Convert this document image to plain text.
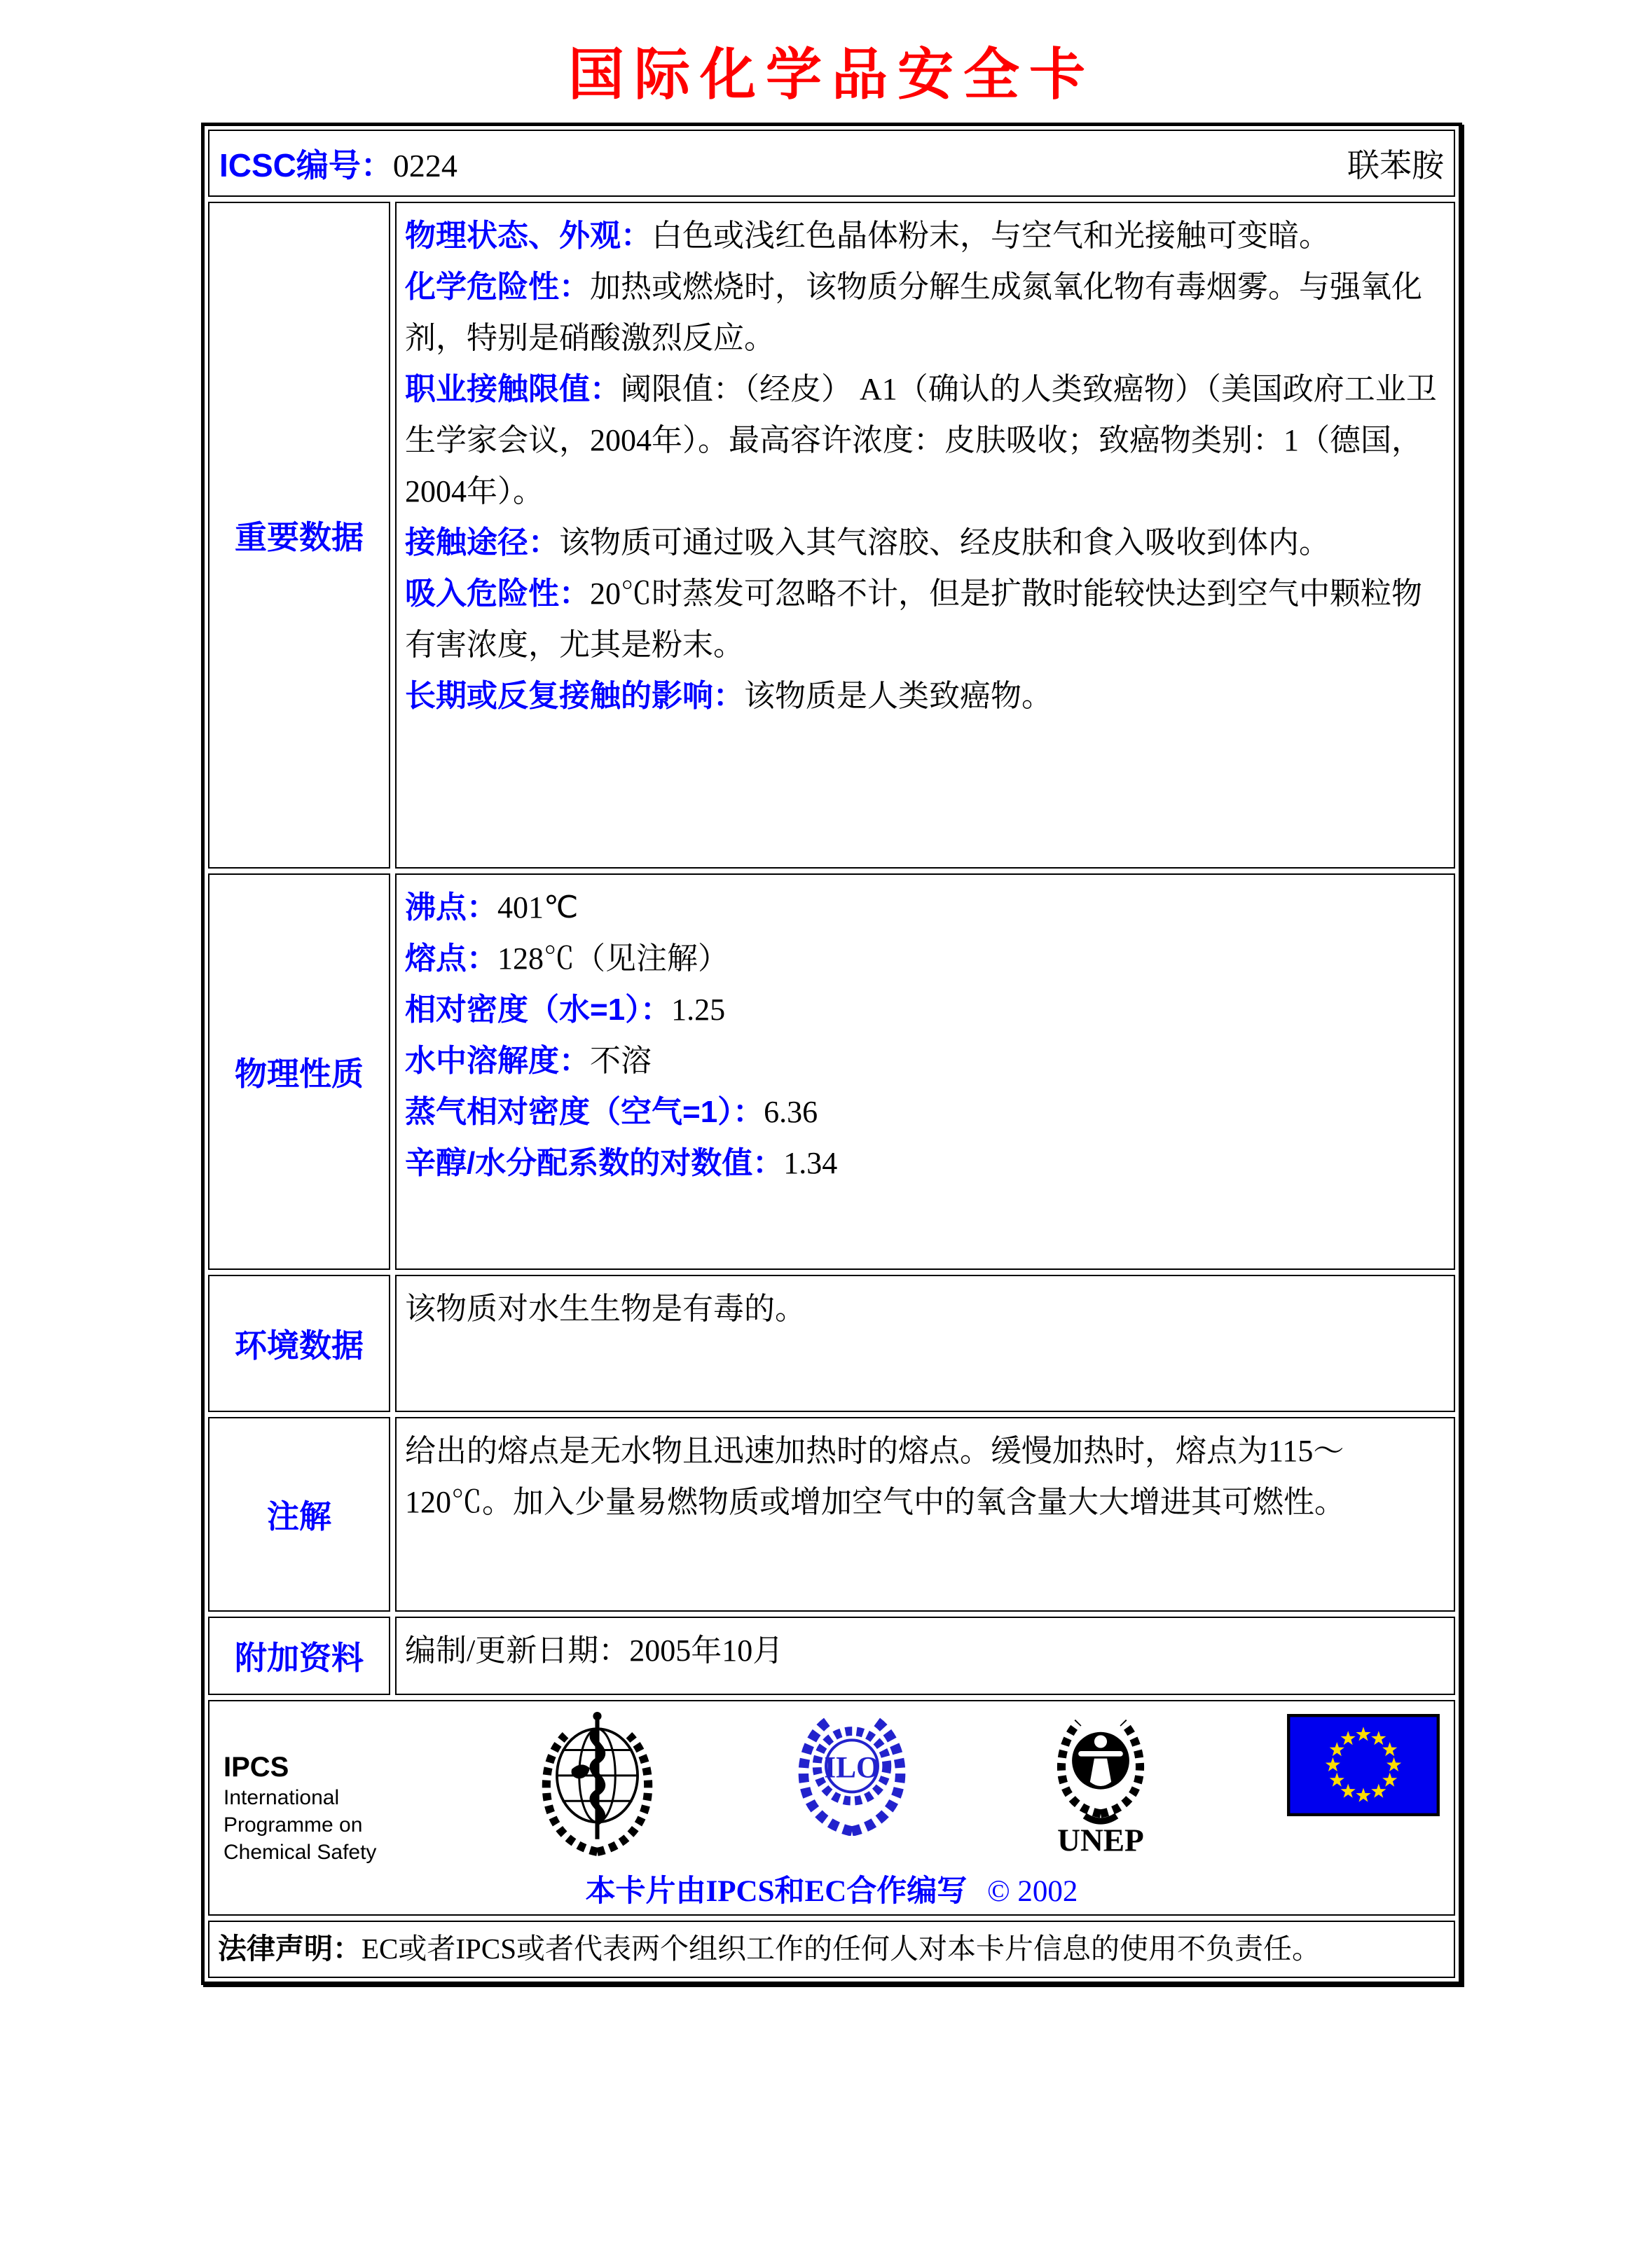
国际化学品安全卡
ICSC编号：0224	联苯胺
重要数据
物理状态、外观：白色或浅红色晶体粉末，与空气和光接触可变暗。
化学危险性：加热或燃烧时，该物质分解生成氮氧化物有毒烟雾。与强氧化剂，特别是硝酸激烈反应。
职业接触限值：阈限值：（经皮） A1（确认的人类致癌物）（美国政府工业卫生学家会议，2004年）。最高容许浓度：皮肤吸收；致癌物类别：1（德国，2004年）。
接触途径：该物质可通过吸入其气溶胶、经皮肤和食入吸收到体内。
吸入危险性：20℃时蒸发可忽略不计，但是扩散时能较快达到空气中颗粒物有害浓度，尤其是粉末。
长期或反复接触的影响：该物质是人类致癌物。
物理性质
沸点：401℃
熔点：128℃（见注解）
相对密度（水=1）：1.25
水中溶解度：不溶
蒸气相对密度（空气=1）：6.36
辛醇/水分配系数的对数值：1.34
环境数据
该物质对水生生物是有毒的。
注解
给出的熔点是无水物且迅速加热时的熔点。缓慢加热时，熔点为115～120℃。加入少量易燃物质或增加空气中的氧含量大大增进其可燃性。
附加资料	编制/更新日期：2005年10月
IPCS
International
Programme on
Chemical Safety
ILO
UNEP
本卡片由IPCS和EC合作编写 © 2002
法律声明：EC或者IPCS或者代表两个组织工作的任何人对本卡片信息的使用不负责任。
